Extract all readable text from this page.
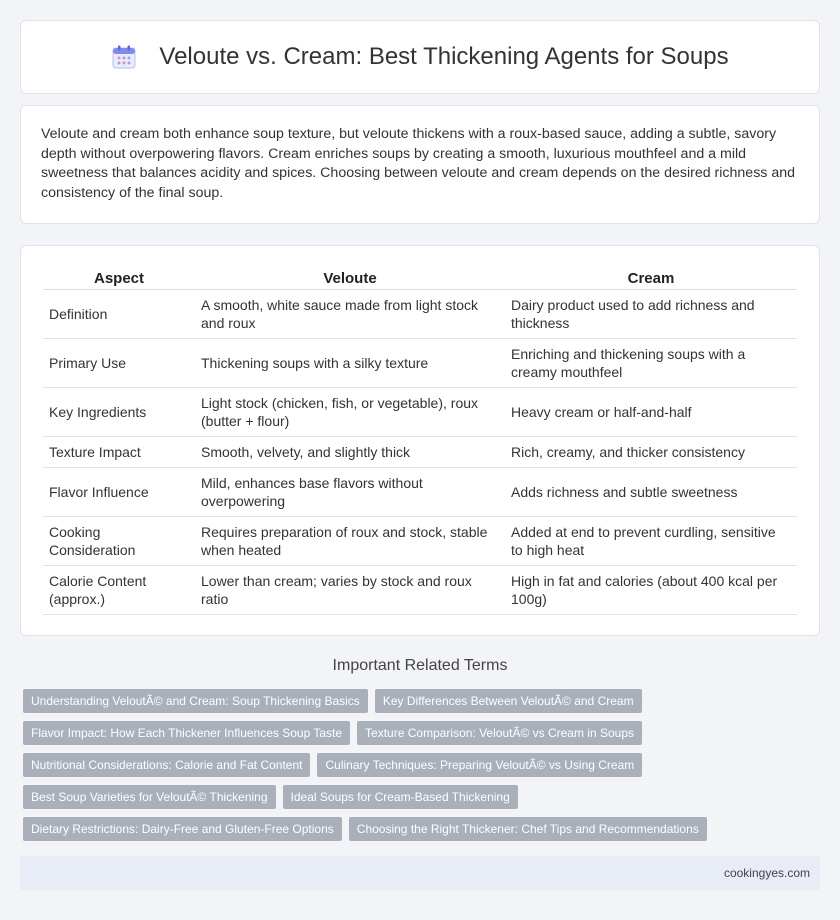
Veloute vs. Cream: Best Thickening Agents for Soups

Veloute and cream both enhance soup texture, but veloute thickens with a roux-based sauce, adding a subtle, savory depth without overpowering flavors. Cream enriches soups by creating a smooth, luxurious mouthfeel and a mild sweetness that balances acidity and spices. Choosing between veloute and cream depends on the desired richness and consistency of the final soup.

Aspect	Veloute	Cream
Definition	A smooth, white sauce made from light stock and roux	Dairy product used to add richness and thickness
Primary Use	Thickening soups with a silky texture	Enriching and thickening soups with a creamy mouthfeel
Key Ingredients	Light stock (chicken, fish, or vegetable), roux (butter + flour)	Heavy cream or half-and-half
Texture Impact	Smooth, velvety, and slightly thick	Rich, creamy, and thicker consistency
Flavor Influence	Mild, enhances base flavors without overpowering	Adds richness and subtle sweetness
Cooking Consideration	Requires preparation of roux and stock, stable when heated	Added at end to prevent curdling, sensitive to high heat
Calorie Content (approx.)	Lower than cream; varies by stock and roux ratio	High in fat and calories (about 400 kcal per 100g)
Important Related Terms
Understanding VeloutÃ© and Cream: Soup Thickening Basics	Key Differences Between VeloutÃ© and Cream
Flavor Impact: How Each Thickener Influences Soup Taste	Texture Comparison: VeloutÃ© vs Cream in Soups
Nutritional Considerations: Calorie and Fat Content	Culinary Techniques: Preparing VeloutÃ© vs Using Cream
Best Soup Varieties for VeloutÃ© Thickening	Ideal Soups for Cream-Based Thickening
Dietary Restrictions: Dairy-Free and Gluten-Free Options	Choosing the Right Thickener: Chef Tips and Recommendations
cookingyes.com
